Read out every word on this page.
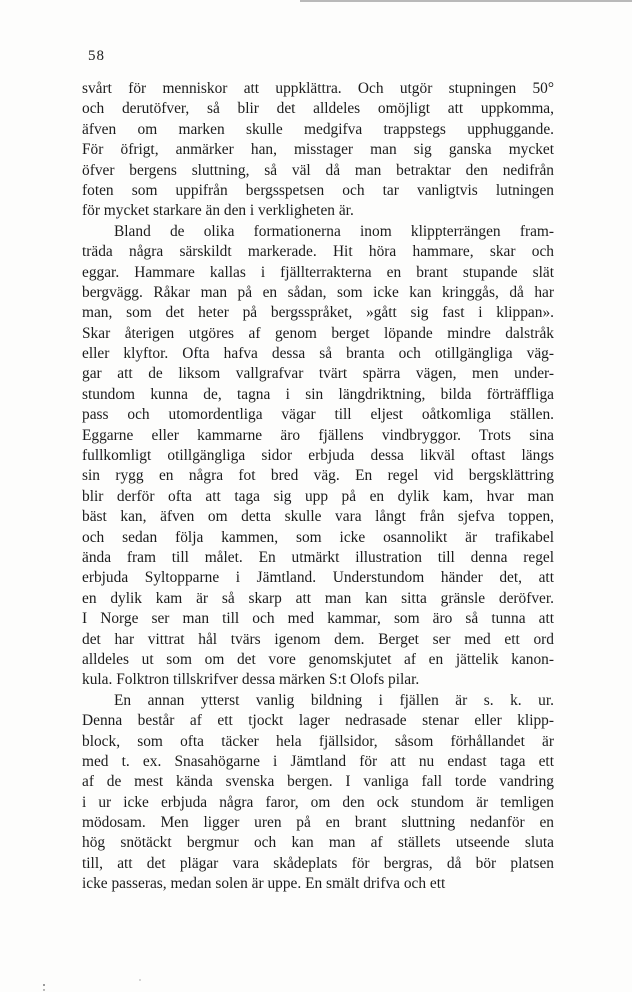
58
svårt för menniskor att uppklättra. Och utgör stupningen 50°
och derutöfver, så blir det alldeles omöjligt att uppkomma,
äfven om marken skulle medgifva trappstegs upphuggande.
För öfrigt, anmärker han, misstager man sig ganska mycket
öfver bergens sluttning, så väl då man betraktar den nedifrån
foten som uppifrån bergsspetsen och tar vanligtvis lutningen
för mycket starkare än den i verkligheten är.
Bland de olika formationerna inom klippterrängen fram-
träda några särskildt markerade. Hit höra hammare, skar och
eggar. Hammare kallas i fjällterrakterna en brant stupande slät
bergvägg. Råkar man på en sådan, som icke kan kringgås, då har
man, som det heter på bergsspråket, »gått sig fast i klippan».
Skar återigen utgöres af genom berget löpande mindre dalstråk
eller klyftor. Ofta hafva dessa så branta och otillgängliga väg-
gar att de liksom vallgrafvar tvärt spärra vägen, men under-
stundom kunna de, tagna i sin längdriktning, bilda förträffliga
pass och utomordentliga vägar till eljest oåtkomliga ställen.
Eggarne eller kammarne äro fjällens vindbryggor. Trots sina
fullkomligt otillgängliga sidor erbjuda dessa likväl oftast längs
sin rygg en några fot bred väg. En regel vid bergsklättring
blir derför ofta att taga sig upp på en dylik kam, hvar man
bäst kan, äfven om detta skulle vara långt från sjefva toppen,
och sedan följa kammen, som icke osannolikt är trafikabel
ända fram till målet. En utmärkt illustration till denna regel
erbjuda Syltopparne i Jämtland. Understundom händer det, att
en dylik kam är så skarp att man kan sitta gränsle deröfver.
I Norge ser man till och med kammar, som äro så tunna att
det har vittrat hål tvärs igenom dem. Berget ser med ett ord
alldeles ut som om det vore genomskjutet af en jättelik kanon-
kula. Folktron tillskrifver dessa märken S:t Olofs pilar.
En annan ytterst vanlig bildning i fjällen är s. k. ur.
Denna består af ett tjockt lager nedrasade stenar eller klipp-
block, som ofta täcker hela fjällsidor, såsom förhållandet är
med t. ex. Snasahögarne i Jämtland för att nu endast taga ett
af de mest kända svenska bergen. I vanliga fall torde vandring
i ur icke erbjuda några faror, om den ock stundom är temligen
mödosam. Men ligger uren på en brant sluttning nedanför en
hög snötäckt bergmur och kan man af ställets utseende sluta
till, att det plägar vara skådeplats för bergras, då bör platsen
icke passeras, medan solen är uppe. En smält drifva och ett
